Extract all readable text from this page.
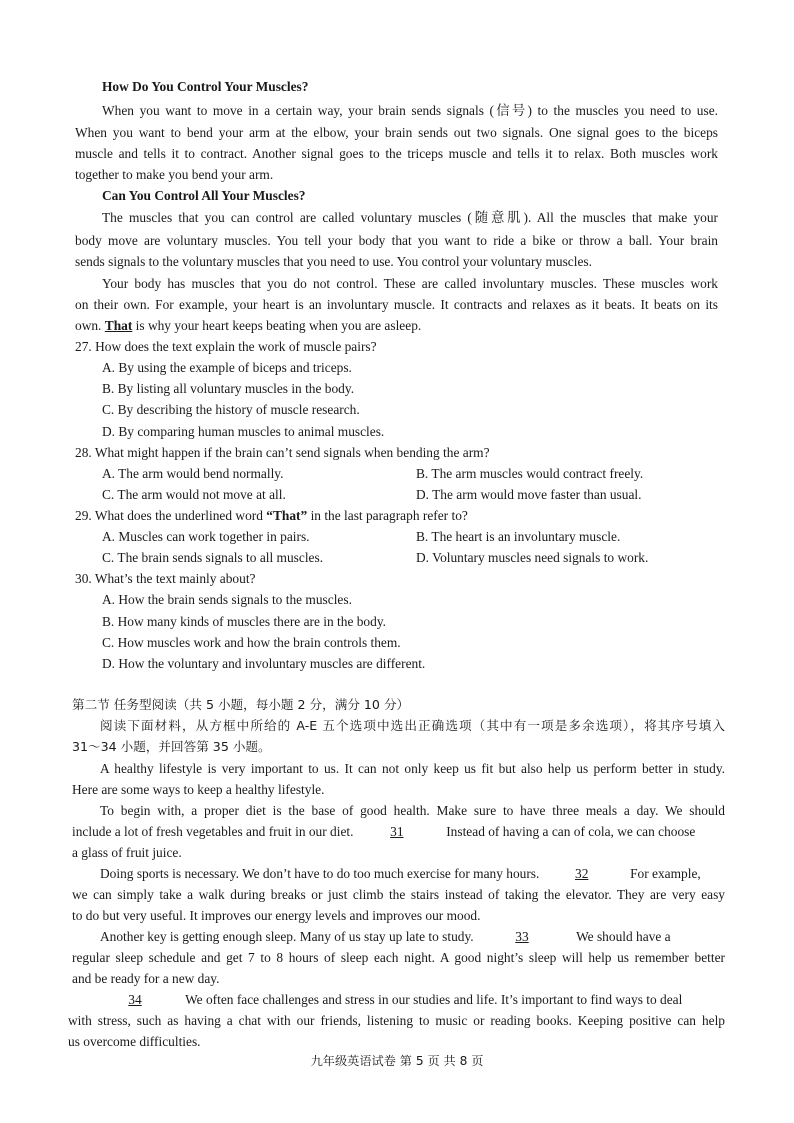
How Do You Control Your Muscles?
When you want to move in a certain way, your brain sends signals (信号) to the muscles you need to use.
When you want to bend your arm at the elbow, your brain sends out two signals. One signal goes to the biceps
muscle and tells it to contract. Another signal goes to the triceps muscle and tells it to relax. Both muscles work
together to make you bend your arm.
Can You Control All Your Muscles?
The muscles that you can control are called voluntary muscles (随意肌). All the muscles that make your
body move are voluntary muscles. You tell your body that you want to ride a bike or throw a ball. Your brain
sends signals to the voluntary muscles that you need to use. You control your voluntary muscles.
Your body has muscles that you do not control. These are called involuntary muscles. These muscles work
on their own. For example, your heart is an involuntary muscle. It contracts and relaxes as it beats. It beats on its
own. That is why your heart keeps beating when you are asleep.
27. How does the text explain the work of muscle pairs?
A. By using the example of biceps and triceps.
B. By listing all voluntary muscles in the body.
C. By describing the history of muscle research.
D. By comparing human muscles to animal muscles.
28. What might happen if the brain can’t send signals when bending the arm?
A. The arm would bend normally.	B. The arm muscles would contract freely.
C. The arm would not move at all.	D. The arm would move faster than usual.
29. What does the underlined word “That” in the last paragraph refer to?
A. Muscles can work together in pairs.	B. The heart is an involuntary muscle.
C. The brain sends signals to all muscles.	D. Voluntary muscles need signals to work.
30. What’s the text mainly about?
A. How the brain sends signals to the muscles.
B. How many kinds of muscles there are in the body.
C. How muscles work and how the brain controls them.
D. How the voluntary and involuntary muscles are different.
第二节 任务型阅读（共 5 小题，每小题 2 分，满分 10 分）
阅读下面材料，从方框中所给的 A-E 五个选项中选出正确选项（其中有一项是多余选项），将其序号填入
31～34 小题，并回答第 35 小题。
A healthy lifestyle is very important to us. It can not only keep us fit but also help us perform better in study.
Here are some ways to keep a healthy lifestyle.
To begin with, a proper diet is the base of good health. Make sure to have three meals a day. We should
include a lot of fresh vegetables and fruit in our diet.	31	Instead of having a can of cola, we can choose
a glass of fruit juice.
Doing sports is necessary. We don’t have to do too much exercise for many hours.	32	For example,
we can simply take a walk during breaks or just climb the stairs instead of taking the elevator. They are very easy
to do but very useful. It improves our energy levels and improves our mood.
Another key is getting enough sleep. Many of us stay up late to study.	33	We should have a
regular sleep schedule and get 7 to 8 hours of sleep each night. A good night’s sleep will help us remember better
and be ready for a new day.
34	We often face challenges and stress in our studies and life. It’s important to find ways to deal
with stress, such as having a chat with our friends, listening to music or reading books. Keeping positive can help
us overcome difficulties.
九年级英语试卷 第 5 页 共 8 页
